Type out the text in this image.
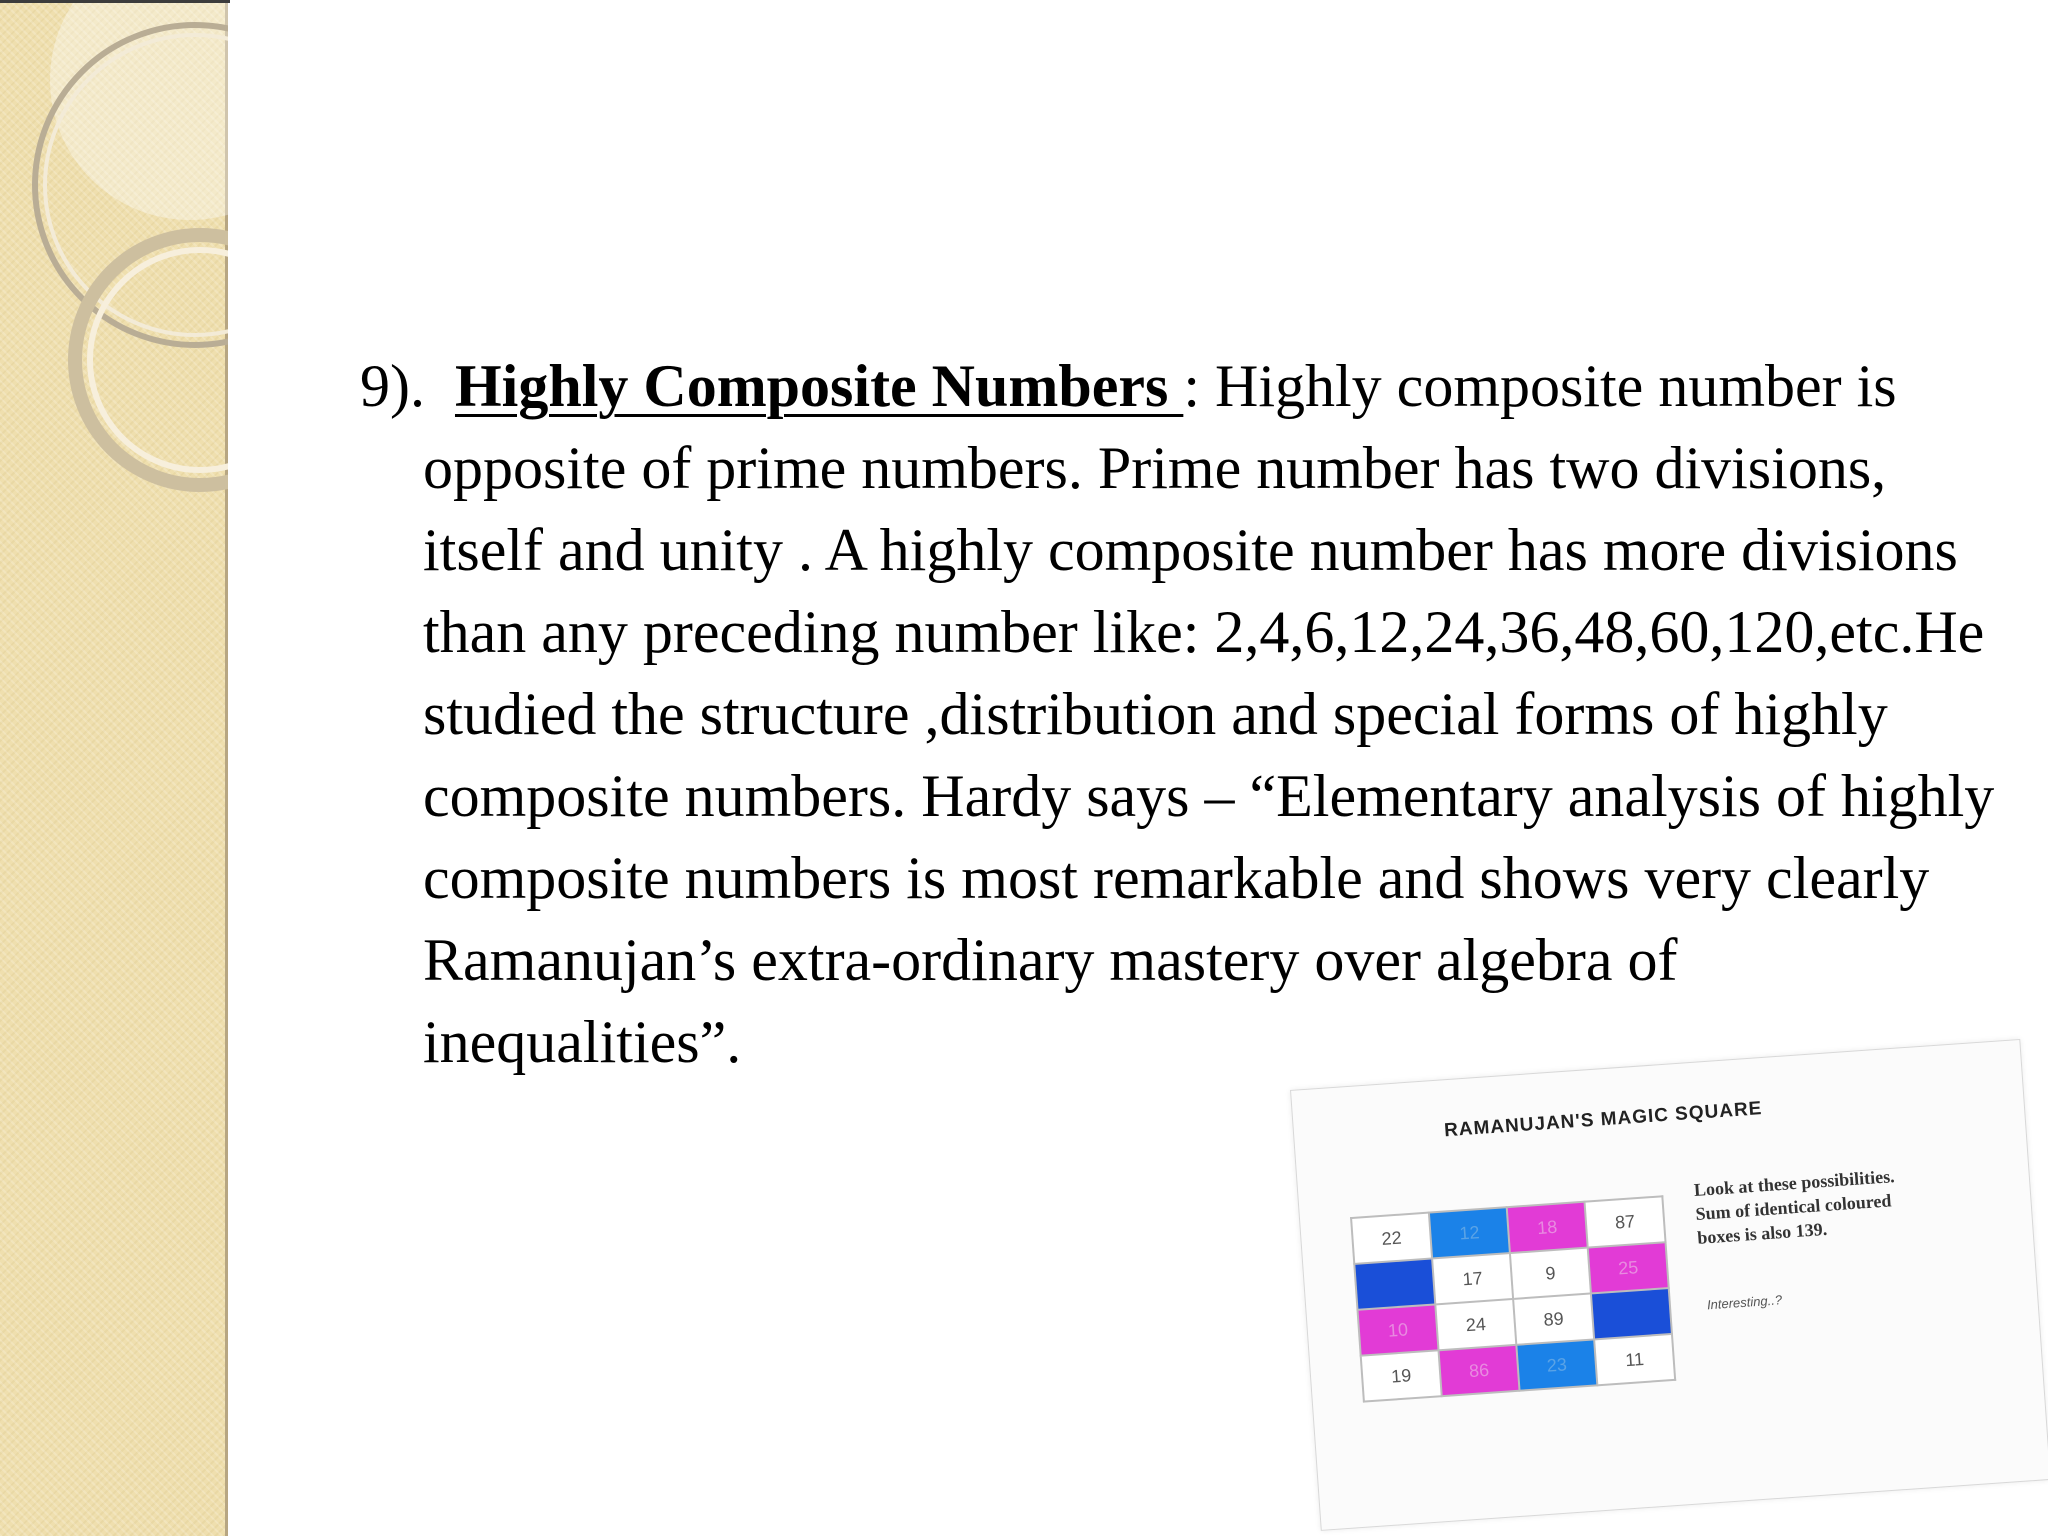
9). Highly Composite Numbers : Highly composite number is opposite of prime numbers. Prime number has two divisions, itself and unity . A highly composite number has more divisions than any preceding number like: 2,4,6,12,24,36,48,60,120,etc.He studied the structure ,distribution and special forms of highly composite numbers. Hardy says – “Elementary analysis of highly composite numbers is most remarkable and shows very clearly Ramanujan’s extra-ordinary mastery over algebra of inequalities”.

RAMANUJAN'S MAGIC SQUARE
22	12	18	87
	17	9	25
10	24	89	
19	86	23	11
Look at these possibilities. Sum of identical coloured boxes is also 139.
Interesting..?
